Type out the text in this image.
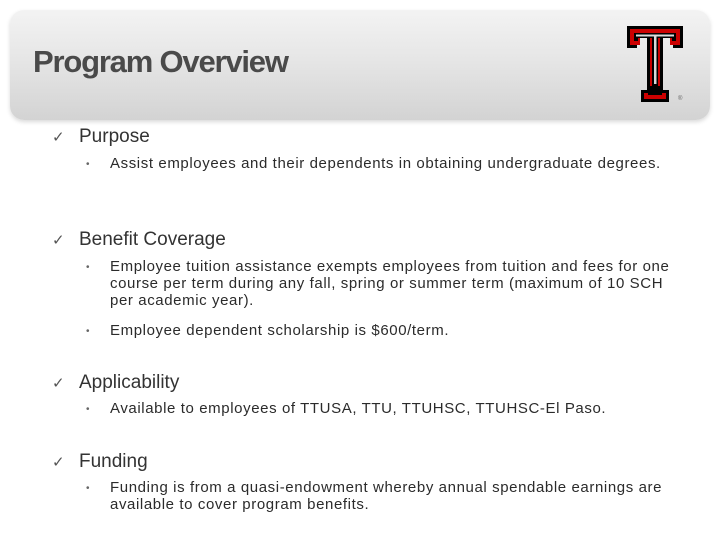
Program Overview
®
✓ Purpose
• Assist employees and their dependents in obtaining undergraduate degrees.
✓ Benefit Coverage
• Employee tuition assistance exempts employees from tuition and fees for one course per term during any fall, spring or summer term (maximum of 10 SCH per academic year).
• Employee dependent scholarship is $600/term.
✓ Applicability
• Available to employees of TTUSA, TTU, TTUHSC, TTUHSC-El Paso.
✓ Funding
• Funding is from a quasi-endowment whereby annual spendable earnings are available to cover program benefits.
